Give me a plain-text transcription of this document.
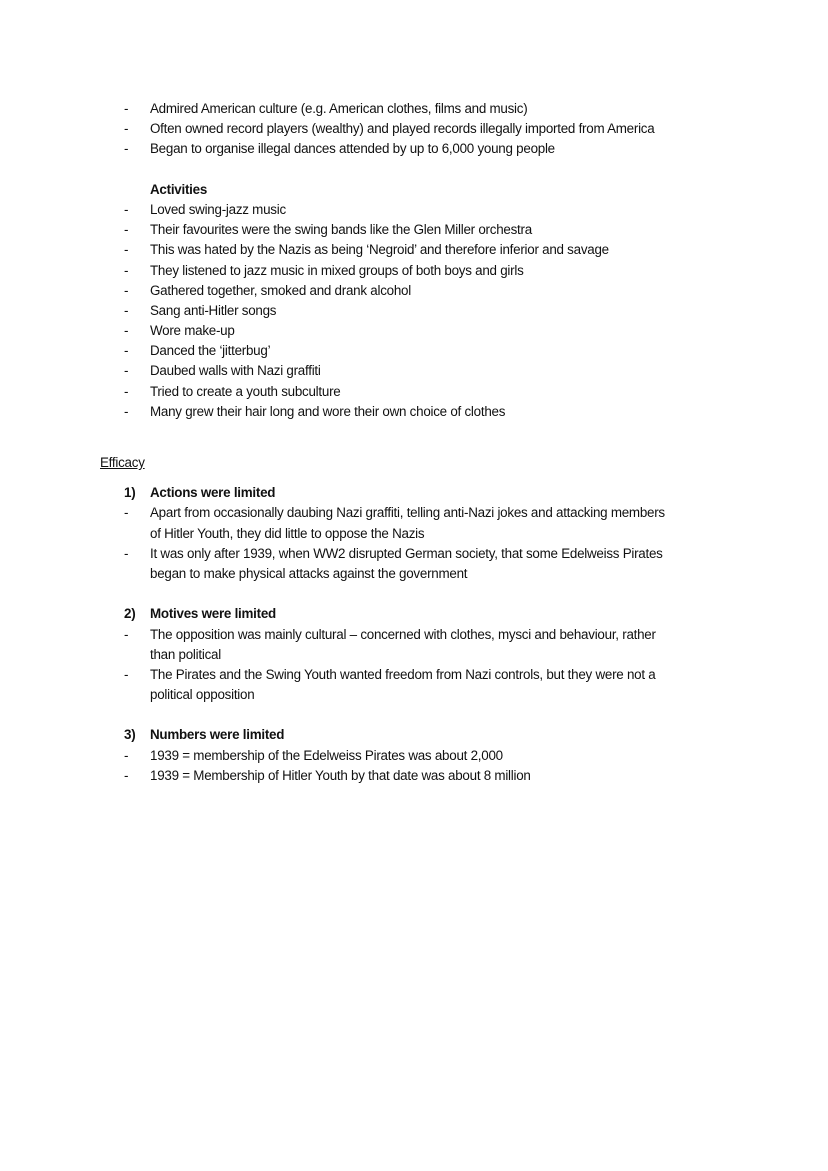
- Admired American culture (e.g. American clothes, films and music)
- Often owned record players (wealthy) and played records illegally imported from America
- Began to organise illegal dances attended by up to 6,000 young people
Activities
- Loved swing-jazz music
- Their favourites were the swing bands like the Glen Miller orchestra
- This was hated by the Nazis as being ‘Negroid’ and therefore inferior and savage
- They listened to jazz music in mixed groups of both boys and girls
- Gathered together, smoked and drank alcohol
- Sang anti-Hitler songs
- Wore make-up
- Danced the ‘jitterbug’
- Daubed walls with Nazi graffiti
- Tried to create a youth subculture
- Many grew their hair long and wore their own choice of clothes
Efficacy
1) Actions were limited
- Apart from occasionally daubing Nazi graffiti, telling anti-Nazi jokes and attacking members
of Hitler Youth, they did little to oppose the Nazis
- It was only after 1939, when WW2 disrupted German society, that some Edelweiss Pirates
began to make physical attacks against the government
2) Motives were limited
- The opposition was mainly cultural – concerned with clothes, mysci and behaviour, rather
than political
- The Pirates and the Swing Youth wanted freedom from Nazi controls, but they were not a
political opposition
3) Numbers were limited
- 1939 = membership of the Edelweiss Pirates was about 2,000
- 1939 = Membership of Hitler Youth by that date was about 8 million
